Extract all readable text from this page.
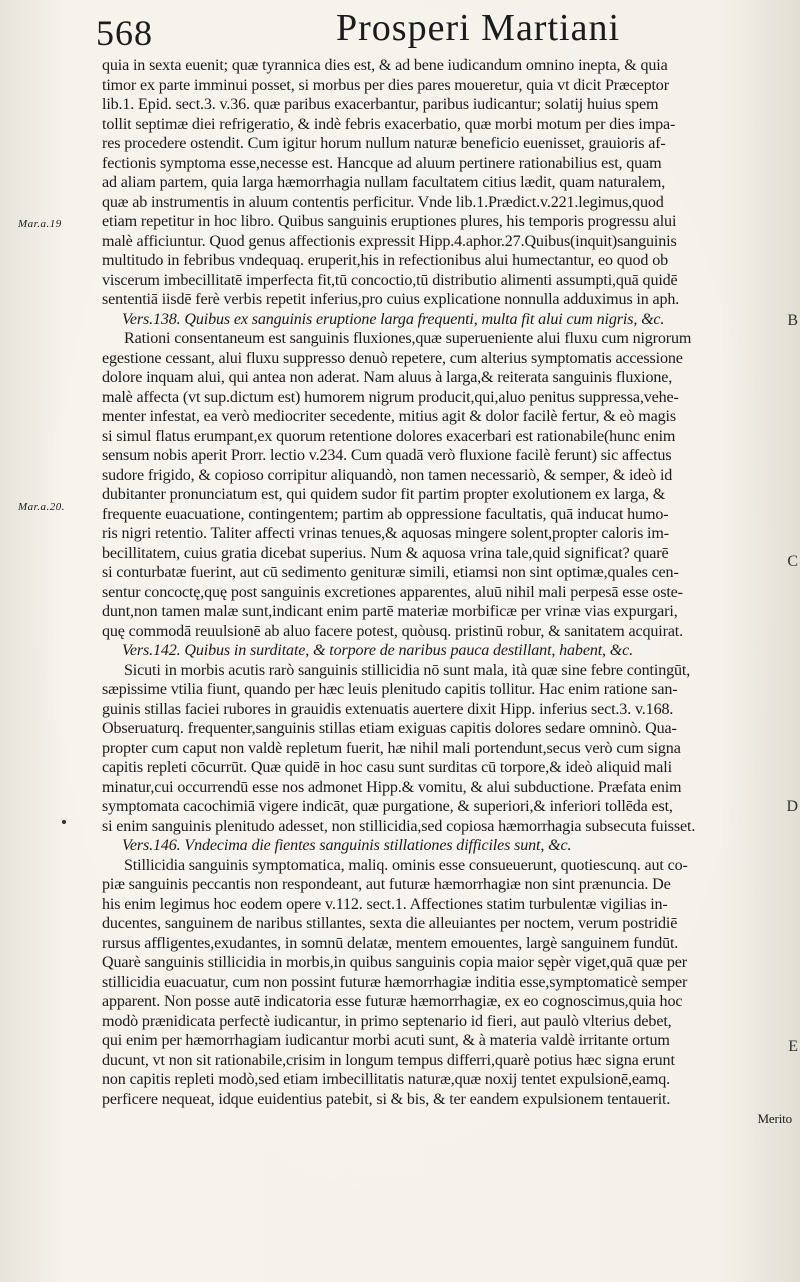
568	Prosperi Martiani
Mar.a.19
Mar.a.20.
B
C
D
E
quia in sexta euenit; quæ tyrannica dies est, & ad bene iudicandum omnino inepta, & quia
timor ex parte imminui posset, si morbus per dies pares moueretur, quia vt dicit Præceptor
lib.1. Epid. sect.3. v.36. quæ paribus exacerbantur, paribus iudicantur; solatij huius spem
tollit septimæ diei refrigeratio, & indè febris exacerbatio, quæ morbi motum per dies impa-
res procedere ostendit. Cum igitur horum nullum naturæ beneficio euenisset, grauioris af-
fectionis symptoma esse,necesse est. Hancque ad aluum pertinere rationabilius est, quam
ad aliam partem, quia larga hæmorrhagia nullam facultatem citius lædit, quam naturalem,
quæ ab instrumentis in aluum contentis perficitur. Vnde lib.1.Prædict.v.221.legimus,quod
etiam repetitur in hoc libro. Quibus sanguinis eruptiones plures, his temporis progressu alui
malè afficiuntur. Quod genus affectionis expressit Hipp.4.aphor.27.Quibus(inquit)sanguinis
multitudo in febribus vndequaq. eruperit,his in refectionibus alui humectantur, eo quod ob
viscerum imbecillitatē imperfecta fit,tū concoctio,tū distributio alimenti assumpti,quā quidē
sententiā iisdē ferè verbis repetit inferius,pro cuius explicatione nonnulla adduximus in aph.
Vers.138. Quibus ex sanguinis eruptione larga frequenti, multa fit alui cum nigris, &c.
Rationi consentaneum est sanguinis fluxiones,quæ superueniente alui fluxu cum nigrorum
egestione cessant, alui fluxu suppresso denuò repetere, cum alterius symptomatis accessione
dolore inquam alui, qui antea non aderat. Nam aluus à larga,& reiterata sanguinis fluxione,
malè affecta (vt sup.dictum est) humorem nigrum producit,qui,aluo penitus suppressa,vehe-
menter infestat, ea verò mediocriter secedente, mitius agit & dolor facilè fertur, & eò magis
si simul flatus erumpant,ex quorum retentione dolores exacerbari est rationabile(hunc enim
sensum nobis aperit Prorr. lectio v.234. Cum quadā verò fluxione facilè ferunt) sic affectus
sudore frigido, & copioso corripitur aliquandò, non tamen necessariò, & semper, & ideò id
dubitanter pronunciatum est, qui quidem sudor fit partim propter exolutionem ex larga, &
frequente euacuatione, contingentem; partim ab oppressione facultatis, quā inducat humo-
ris nigri retentio. Taliter affecti vrinas tenues,& aquosas mingere solent,propter caloris im-
becillitatem, cuius gratia dicebat superius. Num & aquosa vrina tale,quid significat? quarē
si conturbatæ fuerint, aut cū sedimento genituræ simili, etiamsi non sint optimæ,quales cen-
sentur concoctę,quę post sanguinis excretiones apparentes, aluū nihil mali perpesā esse oste-
dunt,non tamen malæ sunt,indicant enim partē materiæ morbificæ per vrinæ vias expurgari,
quę commodā reuulsionē ab aluo facere potest, quòusq. pristinū robur, & sanitatem acquirat.
Vers.142. Quibus in surditate, & torpore de naribus pauca destillant, habent, &c.
Sicuti in morbis acutis rarò sanguinis stillicidia nō sunt mala, ità quæ sine febre contingūt,
sæpissime vtilia fiunt, quando per hæc leuis plenitudo capitis tollitur. Hac enim ratione san-
guinis stillas faciei rubores in grauidis extenuatis auertere dixit Hipp. inferius sect.3. v.168.
Obseruaturq. frequenter,sanguinis stillas etiam exiguas capitis dolores sedare omninò. Qua-
propter cum caput non valdè repletum fuerit, hæ nihil mali portendunt,secus verò cum signa
capitis repleti cōcurrūt. Quæ quidē in hoc casu sunt surditas cū torpore,& ideò aliquid mali
minatur,cui occurrendū esse nos admonet Hipp.& vomitu, & alui subductione. Præfata enim
symptomata cacochimiā vigere indicāt, quæ purgatione, & superiori,& inferiori tollēda est,
si enim sanguinis plenitudo adesset, non stillicidia,sed copiosa hæmorrhagia subsecuta fuisset.
Vers.146. Vndecima die fientes sanguinis stillationes difficiles sunt, &c.
Stillicidia sanguinis symptomatica, maliq. ominis esse consueuerunt, quotiescunq. aut co-
piæ sanguinis peccantis non respondeant, aut futuræ hæmorrhagiæ non sint prænuncia. De
his enim legimus hoc eodem opere v.112. sect.1. Affectiones statim turbulentæ vigilias in-
ducentes, sanguinem de naribus stillantes, sexta die alleuiantes per noctem, verum postridiē
rursus affligentes,exudantes, in somnū delatæ, mentem emouentes, largè sanguinem fundūt.
Quarè sanguinis stillicidia in morbis,in quibus sanguinis copia maior sępèr viget,quā quæ per
stillicidia euacuatur, cum non possint futuræ hæmorrhagiæ inditia esse,symptomaticè semper
apparent. Non posse autē indicatoria esse futuræ hæmorrhagiæ, ex eo cognoscimus,quia hoc
modò prænidicata perfectè iudicantur, in primo septenario id fieri, aut paulò vlterius debet,
qui enim per hæmorrhagiam iudicantur morbi acuti sunt, & à materia valdè irritante ortum
ducunt, vt non sit rationabile,crisim in longum tempus differri,quarè potius hæc signa erunt
non capitis repleti modò,sed etiam imbecillitatis naturæ,quæ noxij tentet expulsionē,eamq.
perficere nequeat, idque euidentius patebit, si & bis, & ter eandem expulsionem tentauerit.
Merito
